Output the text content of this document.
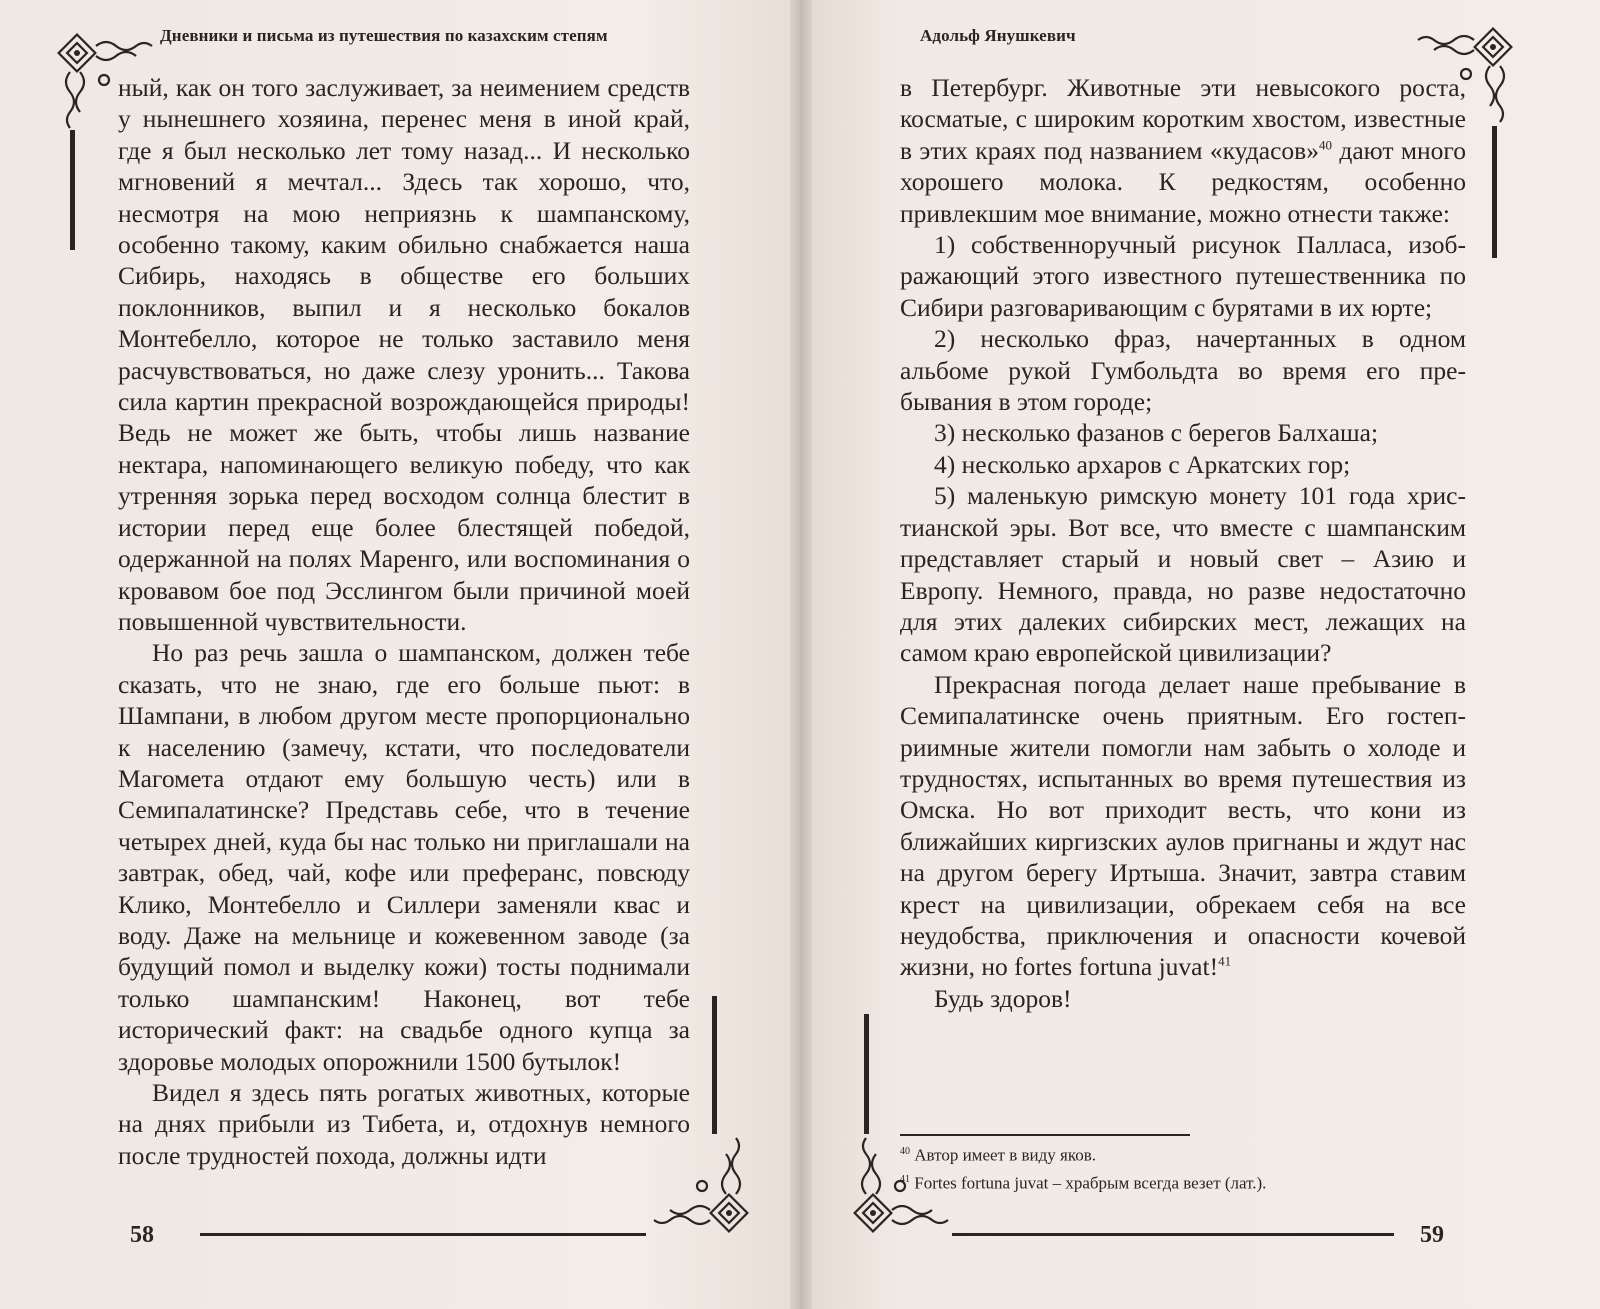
Дневники и письма из путешествия по казахским степям

ный, как он того заслуживает, за неимением средств у нынешнего хозяина, перенес меня в иной край, где я был несколько лет тому назад... И несколько мгновений я мечтал... Здесь так хорошо, что, несмотря на мою неприязнь к шампанскому, особенно такому, каким обильно снабжается наша Сибирь, находясь в обществе его больших поклонников, выпил и я несколько бокалов Монтебелло, которое не только заставило меня расчувствоваться, но даже слезу уронить... Такова сила картин прекрасной возрождающейся природы! Ведь не может же быть, чтобы лишь название нектара, напоминающего великую победу, что как утренняя зорька перед восходом солнца блестит в истории перед еще более блестящей победой, одержанной на полях Маренго, или воспоминания о кровавом бое под Эсслингом были причиной моей повышенной чувствительности.

Но раз речь зашла о шампанском, должен тебе сказать, что не знаю, где его больше пьют: в Шампани, в любом другом месте пропорционально к населению (замечу, кстати, что последователи Магомета отдают ему большую честь) или в Семипалатинске? Представь себе, что в течение четырех дней, куда бы нас только ни приглашали на завтрак, обед, чай, кофе или преферанс, повсюду Клико, Монтебелло и Силлери заменяли квас и воду. Даже на мельнице и кожевенном заводе (за будущий помол и выделку кожи) тосты поднимали только шампанским! Наконец, вот тебе исторический факт: на свадьбе одного купца за здоровье молодых опорожнили 1500 бутылок!

Видел я здесь пять рогатых животных, которые на днях прибыли из Тибета, и, отдохнув немного после трудностей похода, должны идти

58
Адольф Янушкевич

в Петербург. Животные эти невысокого роста, косматые, с широким коротким хвостом, известные в этих краях под названием «кудасов»$^{40}$ дают много хорошего молока. К редкостям, особенно привлекшим мое внимание, можно отнести также:

1) собственноручный рисунок Палласа, изображающий этого известного путешественника по Сибири разговаривающим с бурятами в их юрте;

2) несколько фраз, начертанных в одном альбоме рукой Гумбольдта во время его пребывания в этом городе;

3) несколько фазанов с берегов Балхаша;

4) несколько архаров с Аркатских гор;

5) маленькую римскую монету 101 года христианской эры. Вот все, что вместе с шампанским представляет старый и новый свет – Азию и Европу. Немного, правда, но разве недостаточно для этих далеких сибирских мест, лежащих на самом краю европейской цивилизации?

Прекрасная погода делает наше пребывание в Семипалатинске очень приятным. Его гостеприимные жители помогли нам забыть о холоде и трудностях, испытанных во время путешествия из Омска. Но вот приходит весть, что кони из ближайших киргизских аулов пригнаны и ждут нас на другом берегу Иртыша. Значит, завтра ставим крест на цивилизации, обрекаем себя на все неудобства, приключения и опасности кочевой жизни, но fortes fortuna juvat!$^{41}$

Будь здоров!

$^{40}$ Автор имеет в виду яков.
$^{41}$ Fortes fortuna juvat – храбрым всегда везет (лат.).
59
